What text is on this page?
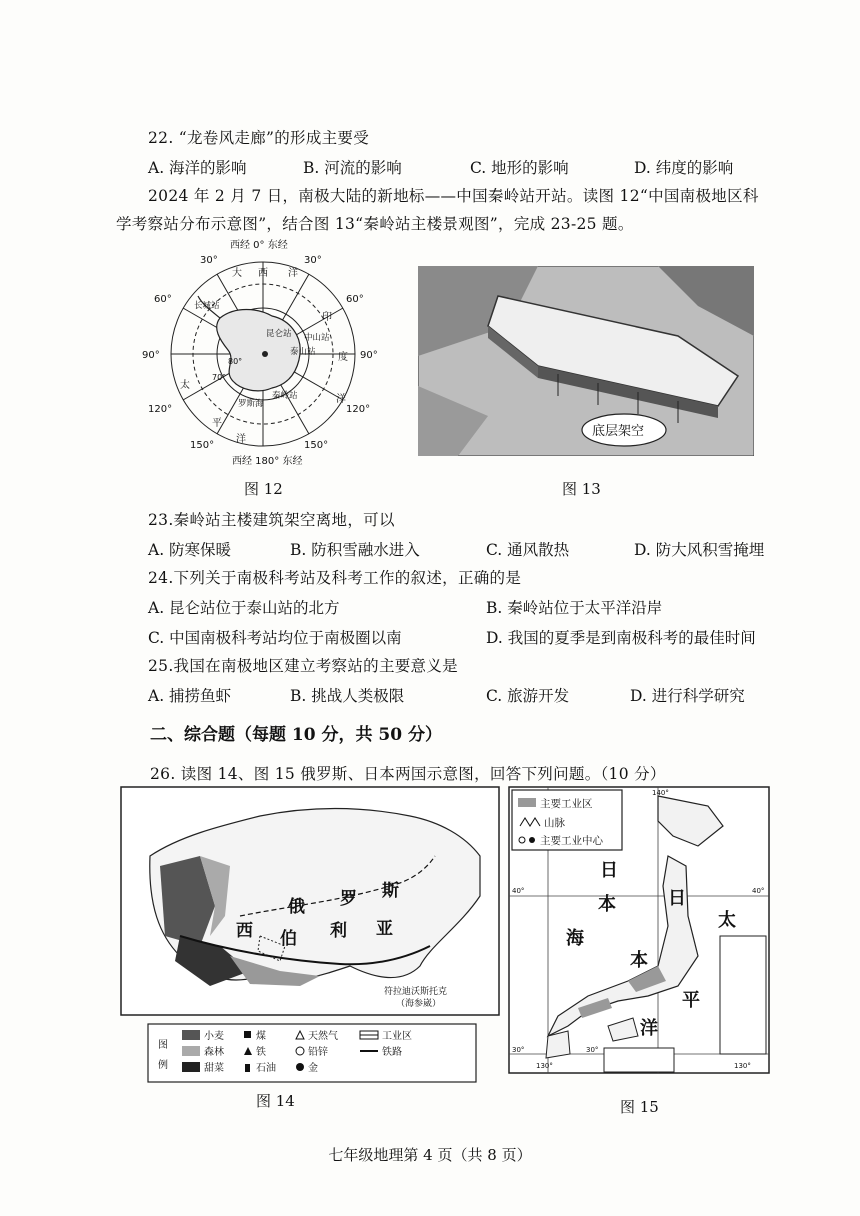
22. “龙卷风走廊”的形成主要受
A. 海洋的影响	B. 河流的影响	C. 地形的影响	D. 纬度的影响
2024 年 2 月 7 日，南极大陆的新地标——中国秦岭站开站。读图 12“中国南极地区科
学考察站分布示意图”，结合图 13“秦岭站主楼景观图”，完成 23-25 题。
西经 0° 东经
西经 180° 东经
30°	30°
60°	60°
90°	90°
120°	120°
150°	150°
80°
70°
大 西 洋
印
度
太
平
洋
洋
长城站
昆仑站 中山站
泰山站
罗斯海
秦岭站
图 12
底层架空
图 13
23.秦岭站主楼建筑架空离地，可以
A. 防寒保暖	B. 防积雪融水进入	C. 通风散热	D. 防大风积雪掩埋
24.下列关于南极科考站及科考工作的叙述，正确的是
A. 昆仑站位于泰山站的北方	B. 秦岭站位于太平洋沿岸
C. 中国南极科考站均位于南极圈以南	D. 我国的夏季是到南极科考的最佳时间
25.我国在南极地区建立考察站的主要意义是
A. 捕捞鱼虾	B. 挑战人类极限	C. 旅游开发	D. 进行科学研究
二、综合题（每题 10 分，共 50 分）
26. 读图 14、图 15 俄罗斯、日本两国示意图，回答下列问题。（10 分）
俄 罗 斯
西 伯 利 亚
符拉迪沃斯托克
（海参崴）
图
例
小麦
森林
甜菜
煤
铁
石油
天然气
铅锌
金
工业区
铁路
图 14
主要工业区
山脉
主要工业中心
日
本
海
日
本
太
平
洋
140°
40°	40°
30°	30°
130°	130°
图 15
七年级地理第 4 页（共 8 页）
